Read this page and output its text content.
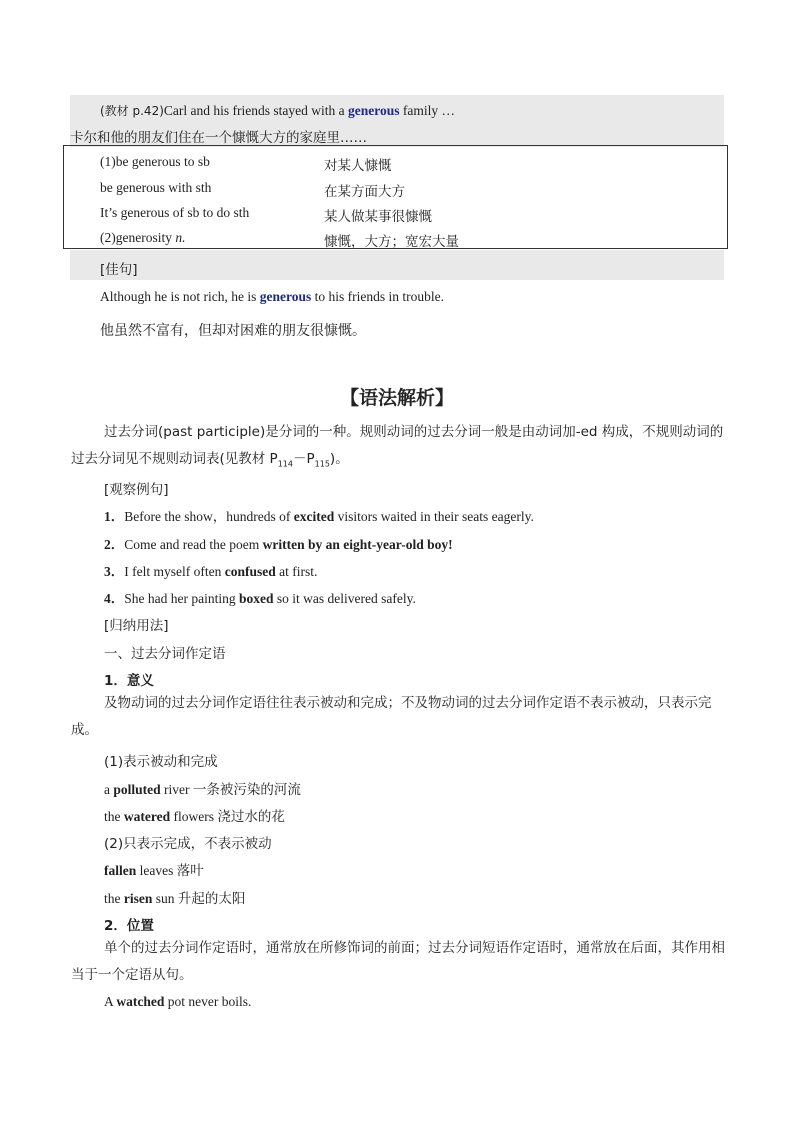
(教材 p.42)Carl and his friends stayed with a generous family …
卡尔和他的朋友们住在一个慷慨大方的家庭里……
(1)be generous to sb	对某人慷慨
be generous with sth	在某方面大方
It’s generous of sb to do sth	某人做某事很慷慨
(2)generosity n.	慷慨，大方；宽宏大量
[佳句]
Although he is not rich, he is generous to his friends in trouble.
他虽然不富有，但却对困难的朋友很慷慨。
【语法解析】
过去分词(past participle)是分词的一种。规则动词的过去分词一般是由动词加-ed 构成，不规则动词的过去分词见不规则动词表(见教材 $P_{114}-P_{115}$)。
[观察例句]
1．Before the show，hundreds of excited visitors waited in their seats eagerly.
2．Come and read the poem written by an eight-year-old boy!
3．I felt myself often confused at first.
4．She had her painting boxed so it was delivered safely.
[归纳用法]
一、过去分词作定语
1．意义
及物动词的过去分词作定语往往表示被动和完成；不及物动词的过去分词作定语不表示被动，只表示完成。
(1)表示被动和完成
a polluted river 一条被污染的河流
the watered flowers 浇过水的花
(2)只表示完成，不表示被动
fallen leaves 落叶
the risen sun 升起的太阳
2．位置
单个的过去分词作定语时，通常放在所修饰词的前面；过去分词短语作定语时，通常放在后面，其作用相当于一个定语从句。
A watched pot never boils.
